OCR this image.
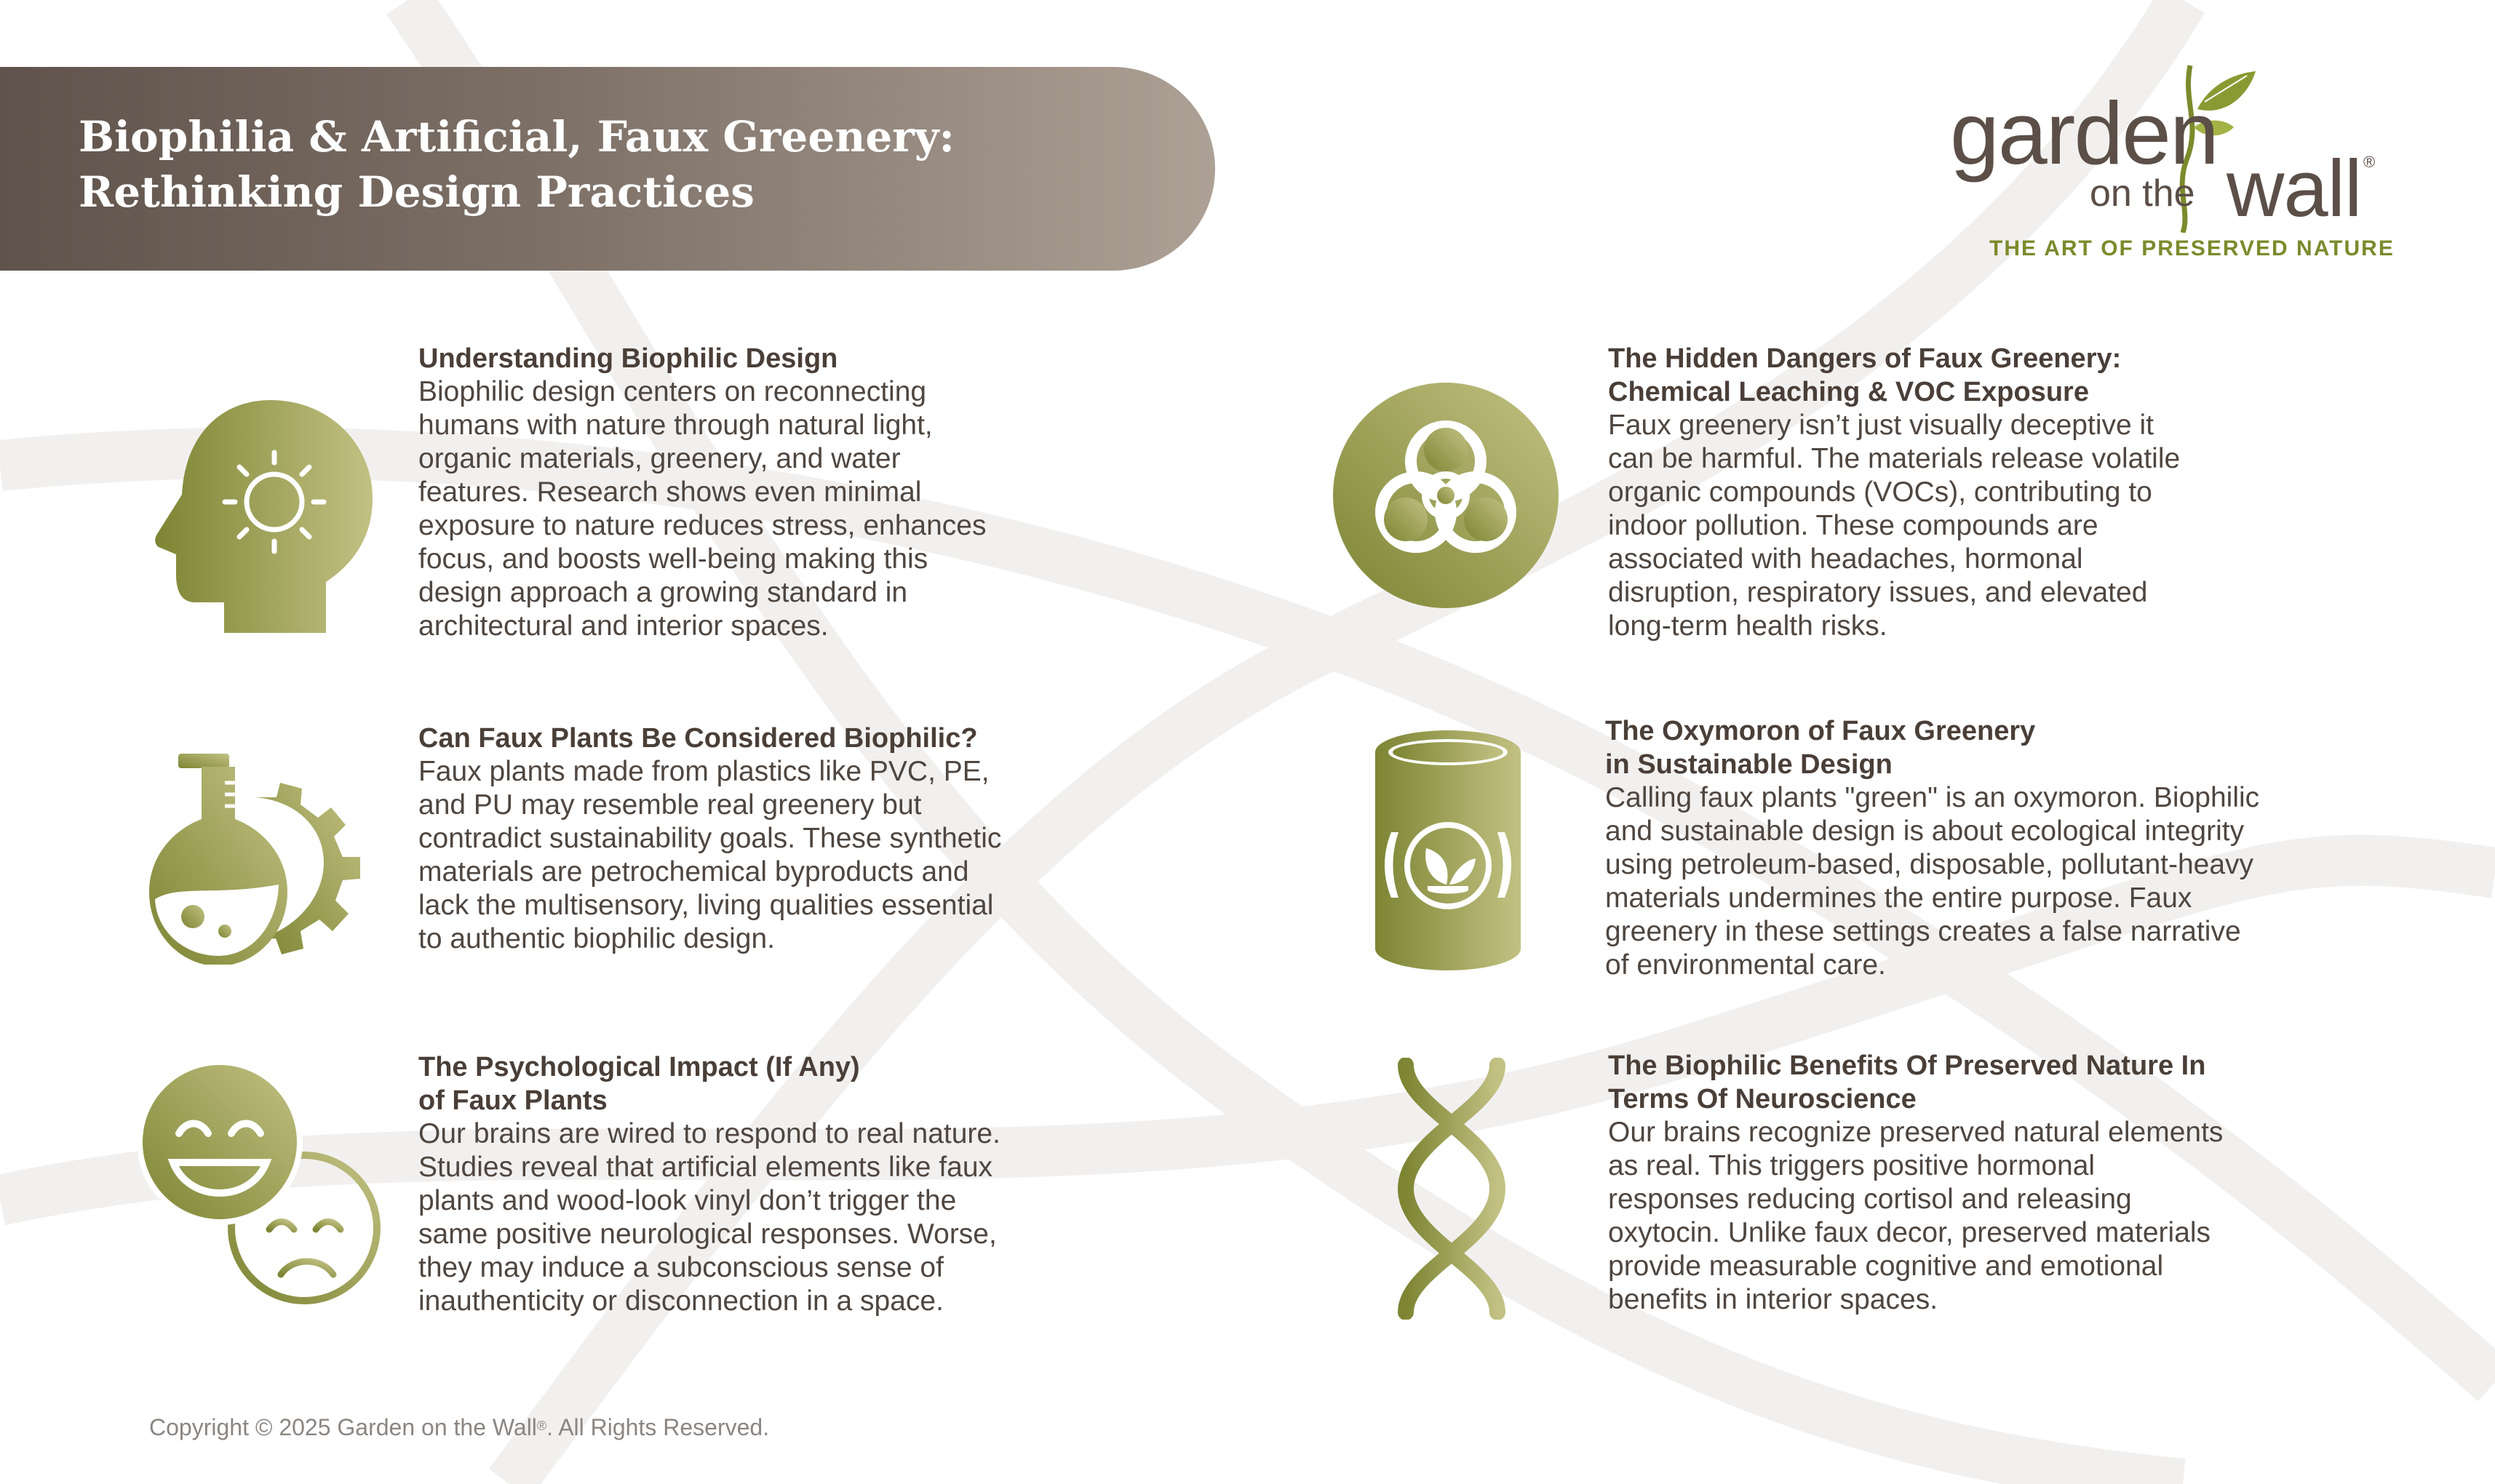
Biophilia & Artificial, Faux Greenery:
Rethinking Design Practices
garden
on the wall ®
THE ART OF PRESERVED NATURE
Understanding Biophilic Design
Biophilic design centers on reconnecting
humans with nature through natural light,
organic materials, greenery, and water
features. Research shows even minimal
exposure to nature reduces stress, enhances
focus, and boosts well-being making this
design approach a growing standard in
architectural and interior spaces.
Can Faux Plants Be Considered Biophilic?
Faux plants made from plastics like PVC, PE,
and PU may resemble real greenery but
contradict sustainability goals. These synthetic
materials are petrochemical byproducts and
lack the multisensory, living qualities essential
to authentic biophilic design.
The Psychological Impact (If Any)
of Faux Plants
Our brains are wired to respond to real nature.
Studies reveal that artificial elements like faux
plants and wood-look vinyl don’t trigger the
same positive neurological responses. Worse,
they may induce a subconscious sense of
inauthenticity or disconnection in a space.
The Hidden Dangers of Faux Greenery:
Chemical Leaching & VOC Exposure
Faux greenery isn’t just visually deceptive it
can be harmful. The materials release volatile
organic compounds (VOCs), contributing to
indoor pollution. These compounds are
associated with headaches, hormonal
disruption, respiratory issues, and elevated
long-term health risks.
The Oxymoron of Faux Greenery
in Sustainable Design
Calling faux plants "green" is an oxymoron. Biophilic
and sustainable design is about ecological integrity
using petroleum-based, disposable, pollutant-heavy
materials undermines the entire purpose. Faux
greenery in these settings creates a false narrative
of environmental care.
The Biophilic Benefits Of Preserved Nature In
Terms Of Neuroscience
Our brains recognize preserved natural elements
as real. This triggers positive hormonal
responses reducing cortisol and releasing
oxytocin. Unlike faux decor, preserved materials
provide measurable cognitive and emotional
benefits in interior spaces.
Copyright © 2025 Garden on the Wall®. All Rights Reserved.
